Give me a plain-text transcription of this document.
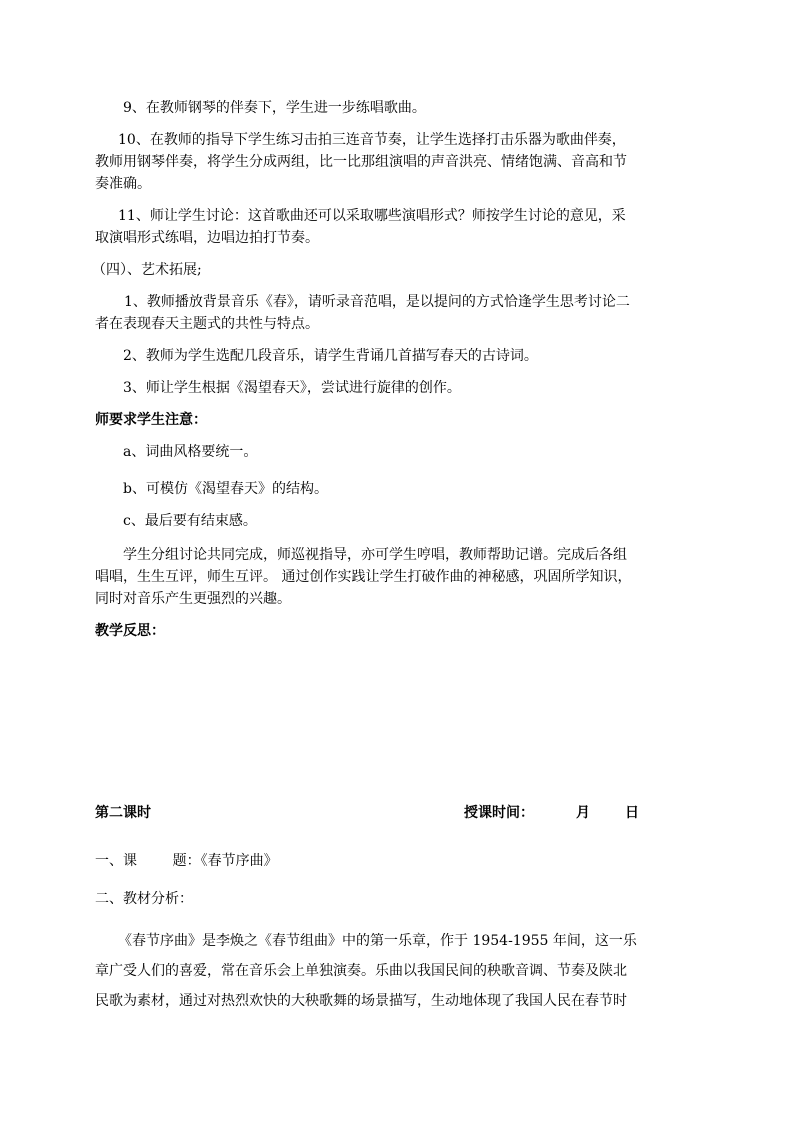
9、在教师钢琴的伴奏下，学生进一步练唱歌曲。
10、在教师的指导下学生练习击拍三连音节奏，让学生选择打击乐器为歌曲伴奏，
教师用钢琴伴奏，将学生分成两组，比一比那组演唱的声音洪亮、情绪饱满、音高和节
奏准确。
11、师让学生讨论：这首歌曲还可以采取哪些演唱形式？师按学生讨论的意见，采
取演唱形式练唱，边唱边拍打节奏。
（四）、艺术拓展;
1、教师播放背景音乐《春》，请听录音范唱，是以提问的方式恰逢学生思考讨论二
者在表现春天主题式的共性与特点。
2、教师为学生选配几段音乐，请学生背诵几首描写春天的古诗词。
3、师让学生根据《渴望春天》，尝试进行旋律的创作。
师要求学生注意：
a、词曲风格要统一。
b、可模仿《渴望春天》的结构。
c、最后要有结束感。
学生分组讨论共同完成，师巡视指导，亦可学生哼唱，教师帮助记谱。完成后各组
唱唱，生生互评，师生互评。 通过创作实践让学生打破作曲的神秘感，巩固所学知识，
同时对音乐产生更强烈的兴趣。
教学反思：
第二课时	授课时间：	月	日
一、课        题：《春节序曲》
二、教材分析：
《春节序曲》是李焕之《春节组曲》中的第一乐章，作于 1954-1955 年间，这一乐
章广受人们的喜爱，常在音乐会上单独演奏。乐曲以我国民间的秧歌音调、节奏及陕北
民歌为素材，通过对热烈欢快的大秧歌舞的场景描写，生动地体现了我国人民在春节时
